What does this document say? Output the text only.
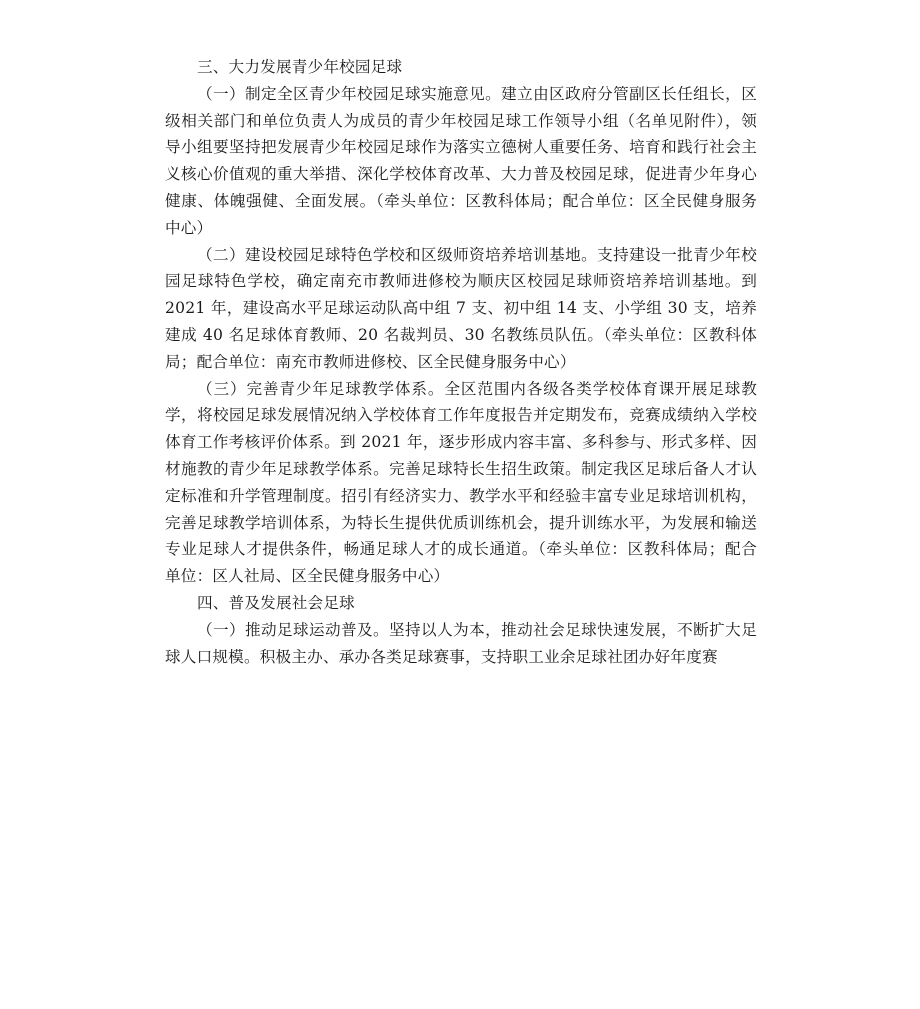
三、大力发展青少年校园足球

（一）制定全区青少年校园足球实施意见。建立由区政府分管副区长任组长，区级相关部门和单位负责人为成员的青少年校园足球工作领导小组（名单见附件），领导小组要坚持把发展青少年校园足球作为落实立德树人重要任务、培育和践行社会主义核心价值观的重大举措、深化学校体育改革、大力普及校园足球，促进青少年身心健康、体魄强健、全面发展。（牵头单位：区教科体局；配合单位：区全民健身服务中心）

（二）建设校园足球特色学校和区级师资培养培训基地。支持建设一批青少年校园足球特色学校，确定南充市教师进修校为顺庆区校园足球师资培养培训基地。到 2021 年，建设高水平足球运动队高中组 7 支、初中组 14 支、小学组 30 支，培养建成 40 名足球体育教师、20 名裁判员、30 名教练员队伍。（牵头单位：区教科体局；配合单位：南充市教师进修校、区全民健身服务中心）

（三）完善青少年足球教学体系。全区范围内各级各类学校体育课开展足球教学，将校园足球发展情况纳入学校体育工作年度报告并定期发布，竞赛成绩纳入学校体育工作考核评价体系。到 2021 年，逐步形成内容丰富、多科参与、形式多样、因材施教的青少年足球教学体系。完善足球特长生招生政策。制定我区足球后备人才认定标准和升学管理制度。招引有经济实力、教学水平和经验丰富专业足球培训机构，完善足球教学培训体系，为特长生提供优质训练机会，提升训练水平，为发展和输送专业足球人才提供条件，畅通足球人才的成长通道。（牵头单位：区教科体局；配合单位：区人社局、区全民健身服务中心）

四、普及发展社会足球

（一）推动足球运动普及。坚持以人为本，推动社会足球快速发展，不断扩大足球人口规模。积极主办、承办各类足球赛事，支持职工业余足球社团办好年度赛
